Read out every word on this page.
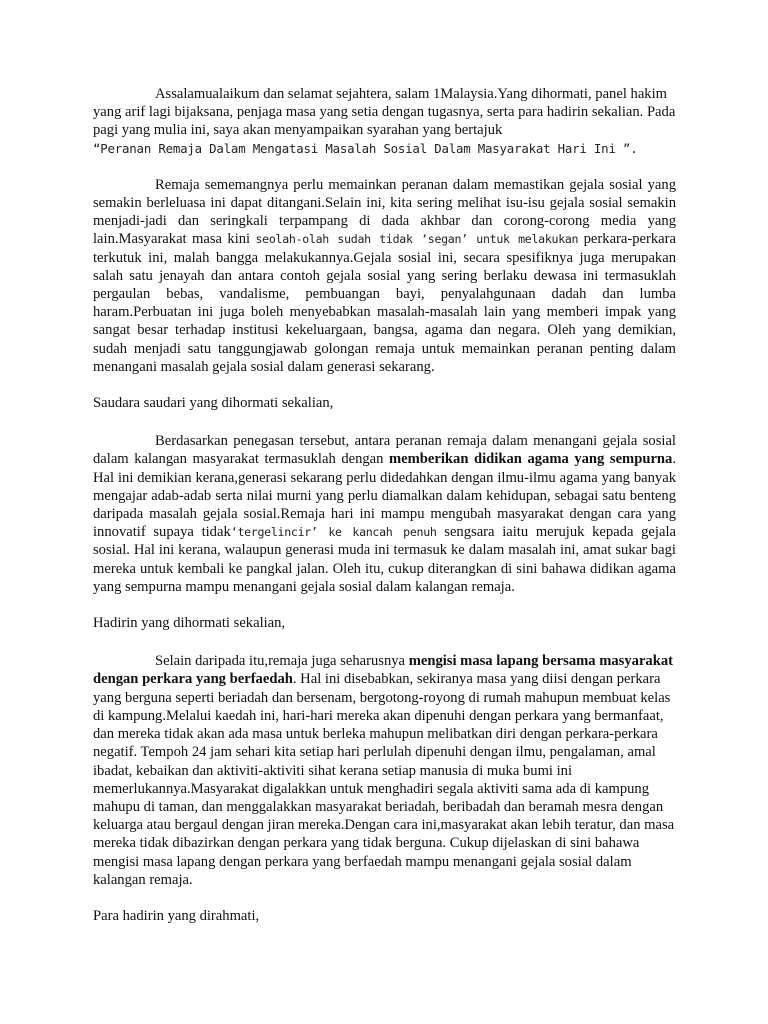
Assalamualaikum dan selamat sejahtera, salam 1Malaysia.Yang dihormati, panel hakim yang arif lagi bijaksana, penjaga masa yang setia dengan tugasnya, serta para hadirin sekalian. Pada pagi yang mulia ini, saya akan menyampaikan syarahan yang bertajuk
“Peranan Remaja Dalam Mengatasi Masalah Sosial Dalam Masyarakat Hari Ini ”.

Remaja sememangnya perlu memainkan peranan dalam memastikan gejala sosial yang semakin berleluasa ini dapat ditangani.Selain ini, kita sering melihat isu-isu gejala sosial semakin menjadi-jadi dan seringkali terpampang di dada akhbar dan corong-corong media yang lain.Masyarakat masa kini seolah-olah sudah tidak ‘segan’ untuk melakukan perkara-perkara terkutuk ini, malah bangga melakukannya.Gejala sosial ini, secara spesifiknya juga merupakan salah satu jenayah dan antara contoh gejala sosial yang sering berlaku dewasa ini termasuklah pergaulan bebas, vandalisme, pembuangan bayi, penyalahgunaan dadah dan lumba haram.Perbuatan ini juga boleh menyebabkan masalah-masalah lain yang memberi impak yang sangat besar terhadap institusi kekeluargaan, bangsa, agama dan negara. Oleh yang demikian, sudah menjadi satu tanggungjawab golongan remaja untuk memainkan peranan penting dalam menangani masalah gejala sosial dalam generasi sekarang.

Saudara saudari yang dihormati sekalian,

Berdasarkan penegasan tersebut, antara peranan remaja dalam menangani gejala sosial dalam kalangan masyarakat termasuklah dengan memberikan didikan agama yang sempurna. Hal ini demikian kerana,generasi sekarang perlu didedahkan dengan ilmu-ilmu agama yang banyak mengajar adab-adab serta nilai murni yang perlu diamalkan dalam kehidupan, sebagai satu benteng daripada masalah gejala sosial.Remaja hari ini mampu mengubah masyarakat dengan cara yang innovatif supaya tidak‘tergelincir’ ke kancah penuh sengsara iaitu merujuk kepada gejala sosial. Hal ini kerana, walaupun generasi muda ini termasuk ke dalam masalah ini, amat sukar bagi mereka untuk kembali ke pangkal jalan. Oleh itu, cukup diterangkan di sini bahawa didikan agama yang sempurna mampu menangani gejala sosial dalam kalangan remaja.

Hadirin yang dihormati sekalian,

Selain daripada itu,remaja juga seharusnya mengisi masa lapang bersama masyarakat dengan perkara yang berfaedah. Hal ini disebabkan, sekiranya masa yang diisi dengan perkara yang berguna seperti beriadah dan bersenam, bergotong-royong di rumah mahupun membuat kelas di kampung.Melalui kaedah ini, hari-hari mereka akan dipenuhi dengan perkara yang bermanfaat, dan mereka tidak akan ada masa untuk berleka mahupun melibatkan diri dengan perkara-perkara negatif. Tempoh 24 jam sehari kita setiap hari perlulah dipenuhi dengan ilmu, pengalaman, amal ibadat, kebaikan dan aktiviti-aktiviti sihat kerana setiap manusia di muka bumi ini memerlukannya.Masyarakat digalakkan untuk menghadiri segala aktiviti sama ada di kampung mahupu di taman, dan menggalakkan masyarakat beriadah, beribadah dan beramah mesra dengan keluarga atau bergaul dengan jiran mereka.Dengan cara ini,masyarakat akan lebih teratur, dan masa mereka tidak dibazirkan dengan perkara yang tidak berguna. Cukup dijelaskan di sini bahawa mengisi masa lapang dengan perkara yang berfaedah mampu menangani gejala sosial dalam kalangan remaja.

Para hadirin yang dirahmati,
